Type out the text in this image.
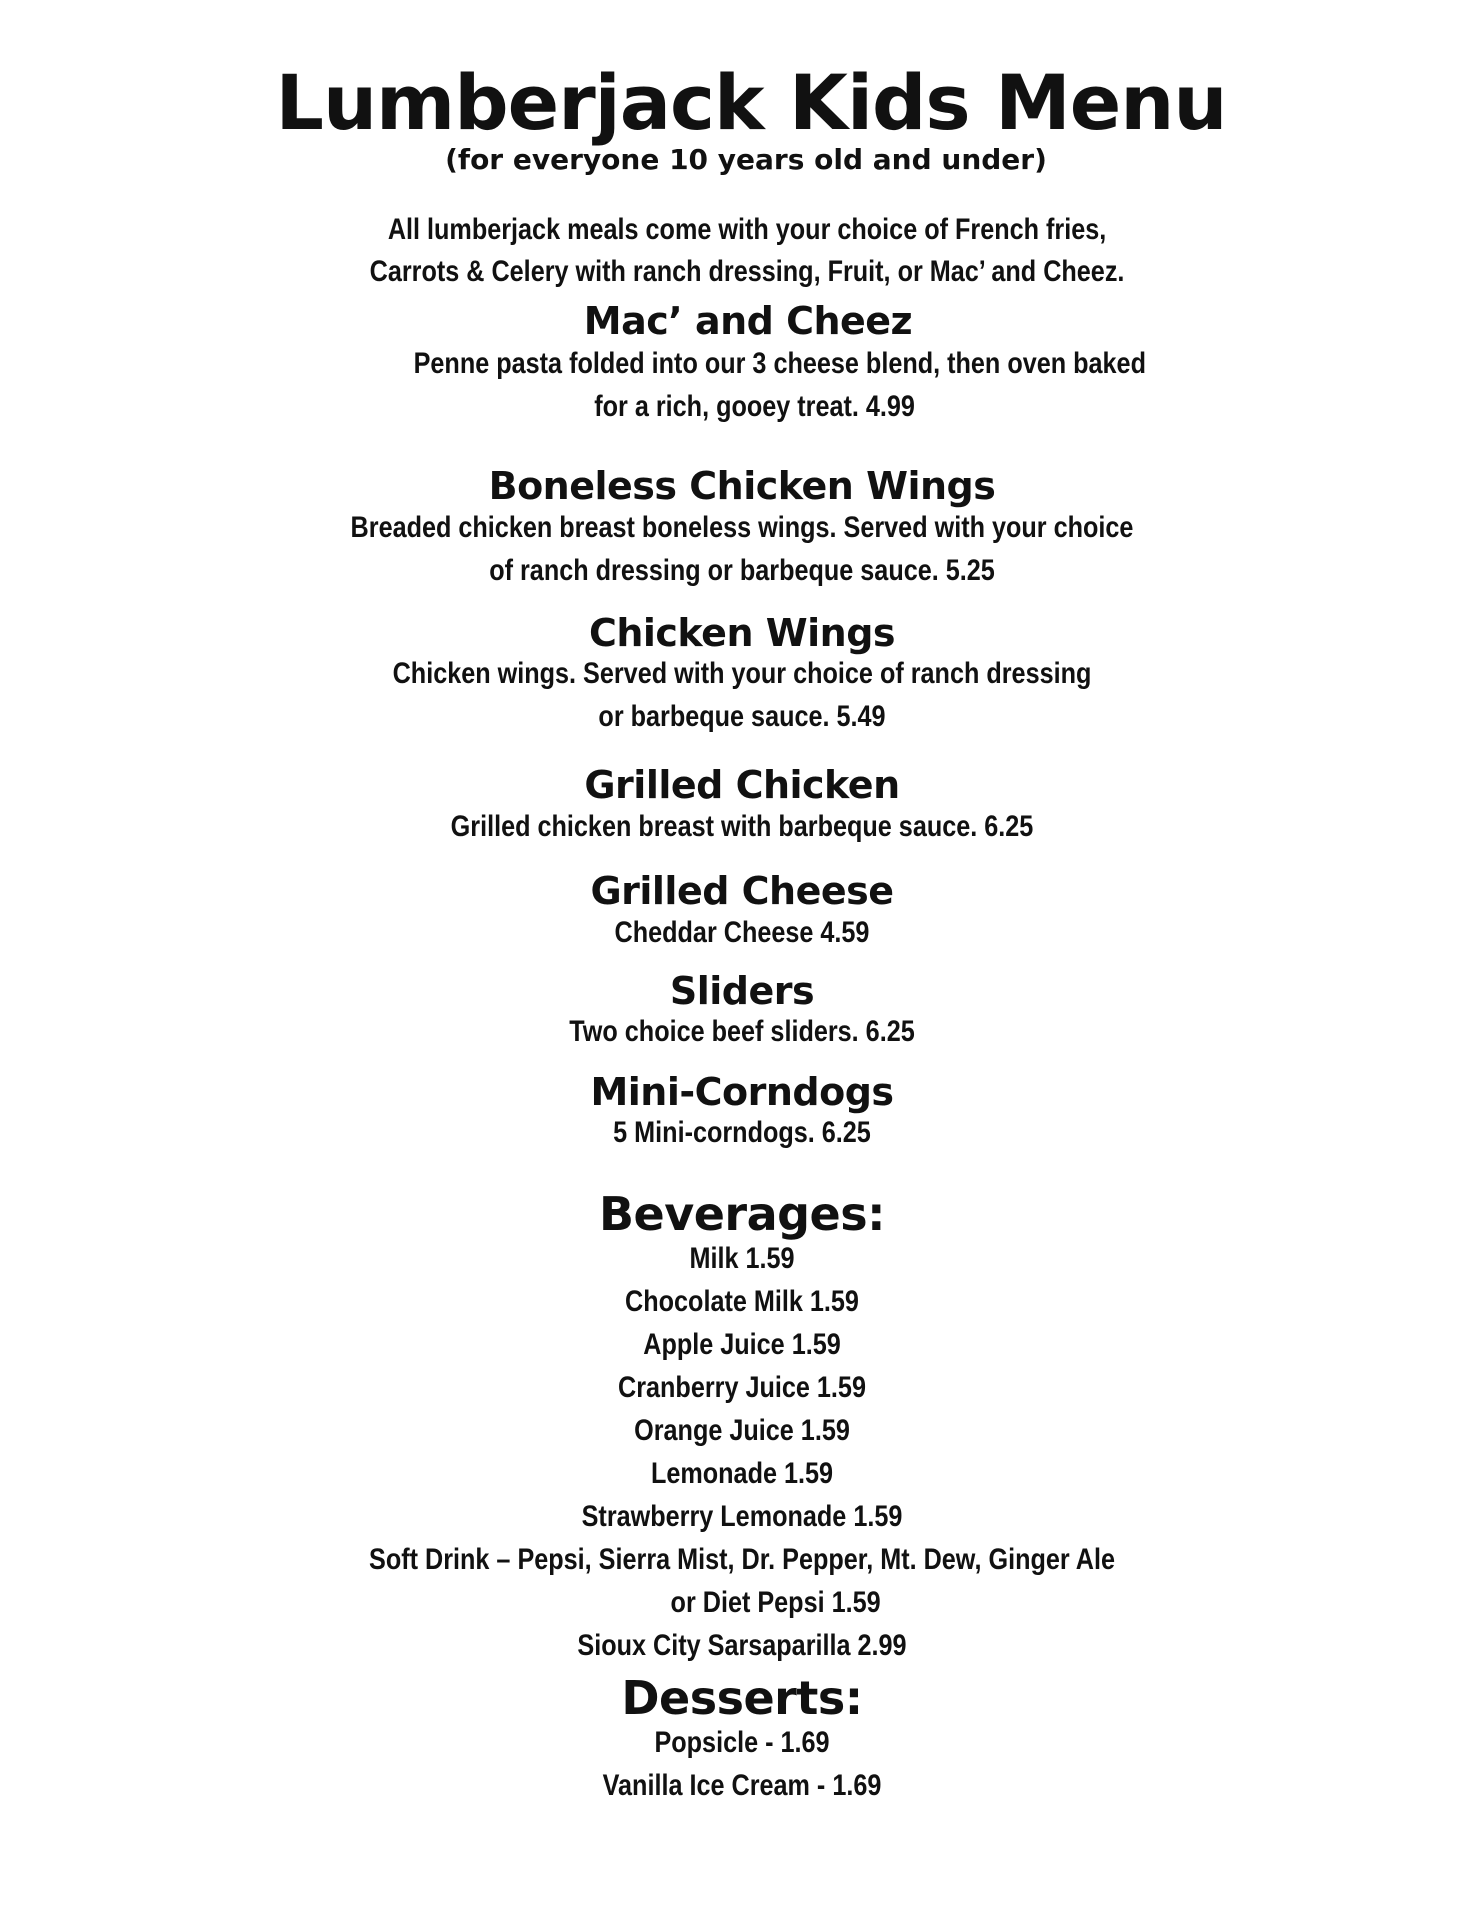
Lumberjack Kids Menu
(for everyone 10 years old and under)
All lumberjack meals come with your choice of French fries,
Carrots & Celery with ranch dressing, Fruit, or Mac’ and Cheez.
Mac’ and Cheez
Penne pasta folded into our 3 cheese blend, then oven baked
for a rich, gooey treat. 4.99
Boneless Chicken Wings
Breaded chicken breast boneless wings. Served with your choice
of ranch dressing or barbeque sauce. 5.25
Chicken Wings
Chicken wings. Served with your choice of ranch dressing
or barbeque sauce. 5.49
Grilled Chicken
Grilled chicken breast with barbeque sauce. 6.25
Grilled Cheese
Cheddar Cheese 4.59
Sliders
Two choice beef sliders. 6.25
Mini-Corndogs
5 Mini-corndogs. 6.25
Beverages:
Milk 1.59
Chocolate Milk 1.59
Apple Juice 1.59
Cranberry Juice 1.59
Orange Juice 1.59
Lemonade 1.59
Strawberry Lemonade 1.59
Soft Drink – Pepsi, Sierra Mist, Dr. Pepper, Mt. Dew, Ginger Ale
or Diet Pepsi 1.59
Sioux City Sarsaparilla 2.99
Desserts:
Popsicle - 1.69
Vanilla Ice Cream - 1.69
